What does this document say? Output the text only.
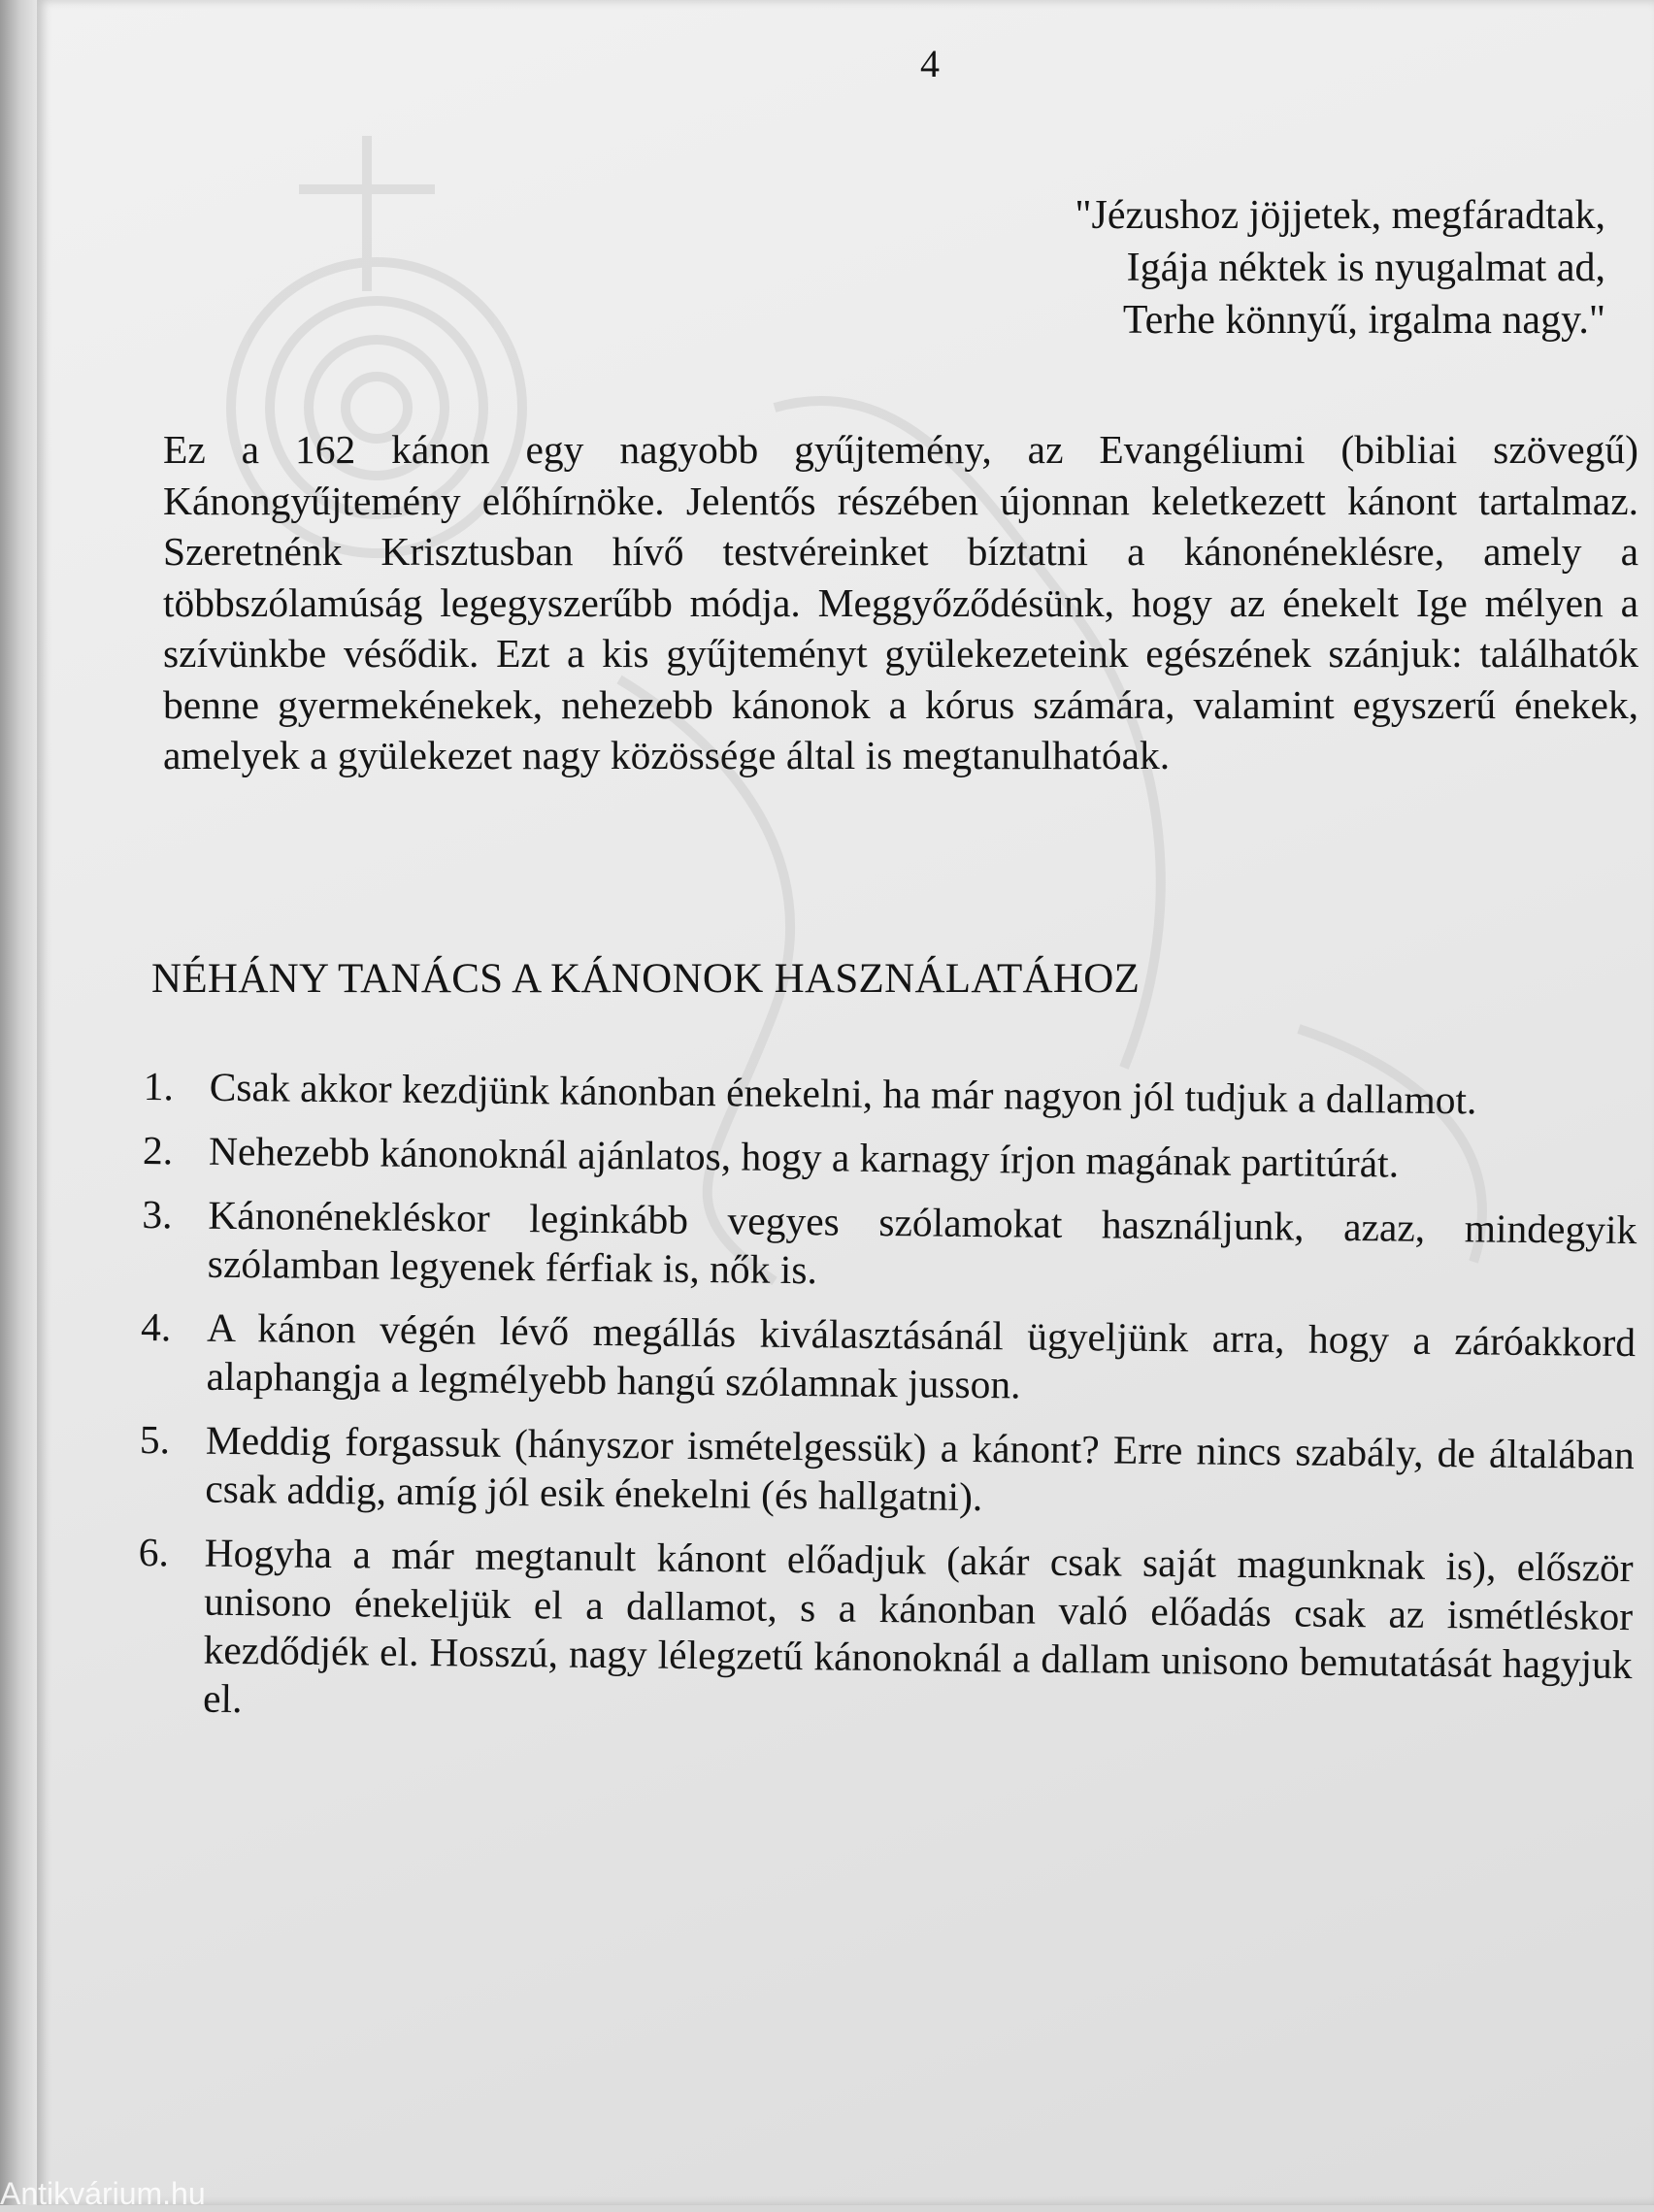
4
"Jézushoz jöjjetek, megfáradtak,
Igája néktek is nyugalmat ad,
Terhe könnyű, irgalma nagy."

Ez a 162 kánon egy nagyobb gyűjtemény, az Evangéliumi (bibliai szövegű) Kánongyűjtemény előhírnöke. Jelentős részében újonnan keletkezett kánont tartalmaz. Szeretnénk Krisztusban hívő testvéreinket bíztatni a kánonéneklésre, amely a többszólamúság legegyszerűbb módja. Meggyőződésünk, hogy az énekelt Ige mélyen a szívünkbe vésődik. Ezt a kis gyűjteményt gyülekezeteink egészének szánjuk: találhatók benne gyermekénekek, nehezebb kánonok a kórus számára, valamint egyszerű énekek, amelyek a gyülekezet nagy közössége által is megtanulhatóak.

NÉHÁNY TANÁCS A KÁNONOK HASZNÁLATÁHOZ
1. Csak akkor kezdjünk kánonban énekelni, ha már nagyon jól tudjuk a dallamot.
2. Nehezebb kánonoknál ajánlatos, hogy a karnagy írjon magának partitúrát.
3. Kánonénekléskor leginkább vegyes szólamokat használjunk, azaz, mindegyik szólamban legyenek férfiak is, nők is.
4. A kánon végén lévő megállás kiválasztásánál ügyeljünk arra, hogy a záróakkord alaphangja a legmélyebb hangú szólamnak jusson.
5. Meddig forgassuk (hányszor ismételgessük) a kánont? Erre nincs szabály, de általában csak addig, amíg jól esik énekelni (és hallgatni).
6. Hogyha a már megtanult kánont előadjuk (akár csak saját magunknak is), először unisono énekeljük el a dallamot, s a kánonban való előadás csak az ismétléskor kezdődjék el. Hosszú, nagy lélegzetű kánonoknál a dallam unisono bemutatását hagyjuk el.
Antikvárium.hu
